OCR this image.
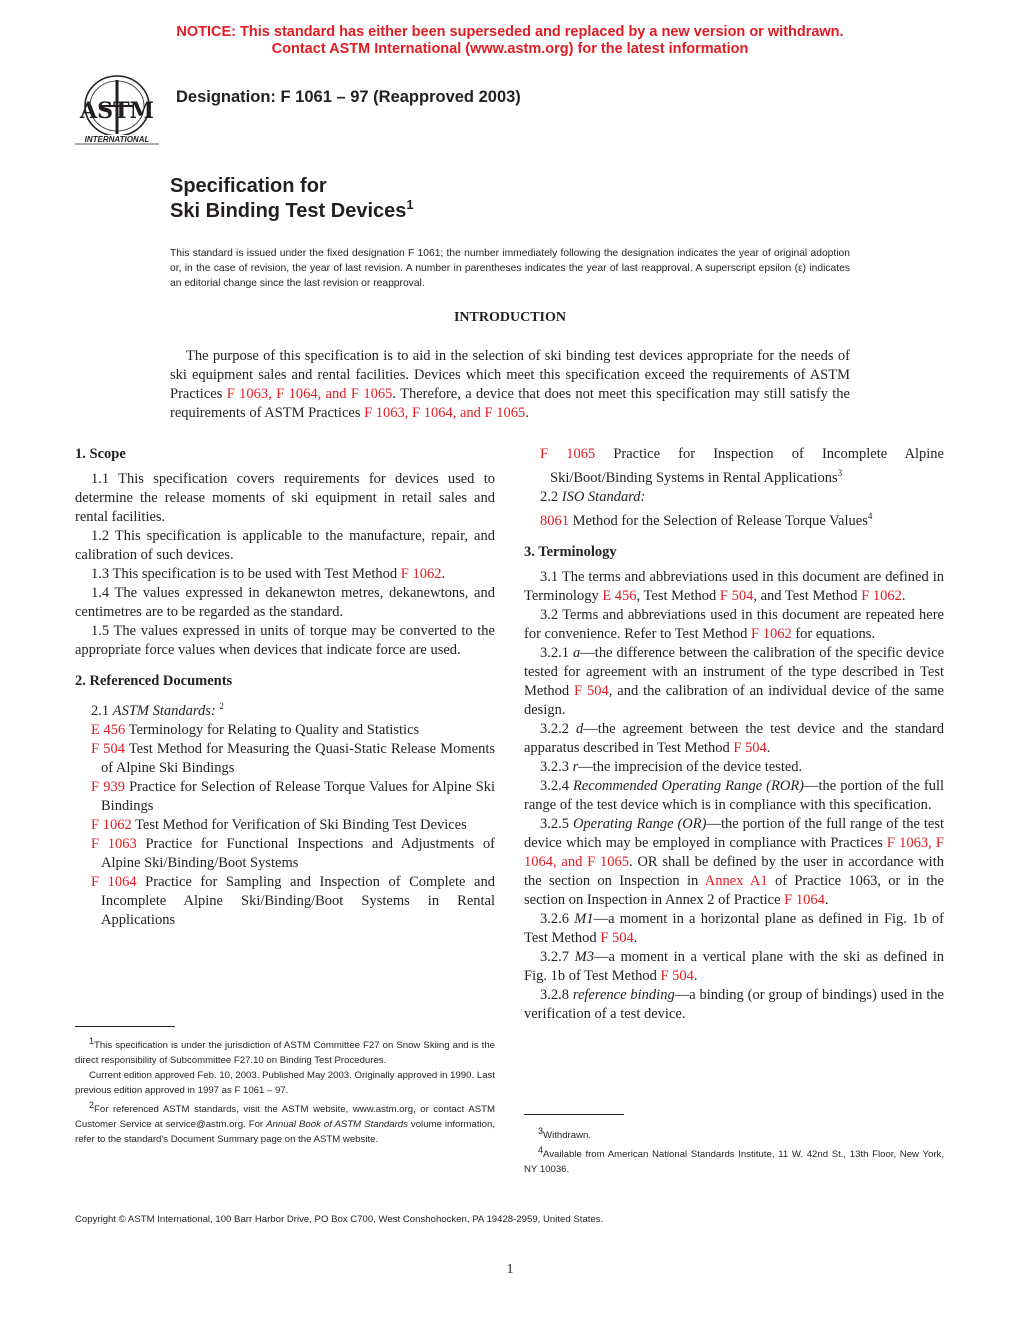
NOTICE: This standard has either been superseded and replaced by a new version or withdrawn.
Contact ASTM International (www.astm.org) for the latest information
ASTM
INTERNATIONAL
Designation: F 1061 – 97 (Reapproved 2003)
Specification for
Ski Binding Test Devices$^1$
This standard is issued under the fixed designation F 1061; the number immediately following the designation indicates the year of original adoption or, in the case of revision, the year of last revision. A number in parentheses indicates the year of last reapproval. A superscript epsilon (ε) indicates an editorial change since the last revision or reapproval.
INTRODUCTION
The purpose of this specification is to aid in the selection of ski binding test devices appropriate for the needs of ski equipment sales and rental facilities. Devices which meet this specification exceed the requirements of ASTM Practices F 1063, F 1064, and F 1065. Therefore, a device that does not meet this specification may still satisfy the requirements of ASTM Practices F 1063, F 1064, and F 1065.

1. Scope

1.1 This specification covers requirements for devices used to determine the release moments of ski equipment in retail sales and rental facilities.

1.2 This specification is applicable to the manufacture, repair, and calibration of such devices.

1.3 This specification is to be used with Test Method F 1062.

1.4 The values expressed in dekanewton metres, dekanewtons, and centimetres are to be regarded as the standard.

1.5 The values expressed in units of torque may be converted to the appropriate force values when devices that indicate force are used.

2. Referenced Documents

2.1 ASTM Standards: $^2$

E 456 Terminology for Relating to Quality and Statistics

F 504 Test Method for Measuring the Quasi-Static Release Moments of Alpine Ski Bindings

F 939 Practice for Selection of Release Torque Values for Alpine Ski Bindings

F 1062 Test Method for Verification of Ski Binding Test Devices

F 1063 Practice for Functional Inspections and Adjustments of Alpine Ski/Binding/Boot Systems

F 1064 Practice for Sampling and Inspection of Complete and Incomplete Alpine Ski/Binding/Boot Systems in Rental Applications

F 1065 Practice for Inspection of Incomplete Alpine Ski/Boot/Binding Systems in Rental Applications$^3$

2.2 ISO Standard:

8061 Method for the Selection of Release Torque Values$^4$

3. Terminology

3.1 The terms and abbreviations used in this document are defined in Terminology E 456, Test Method F 504, and Test Method F 1062.

3.2 Terms and abbreviations used in this document are repeated here for convenience. Refer to Test Method F 1062 for equations.

3.2.1 a—the difference between the calibration of the specific device tested for agreement with an instrument of the type described in Test Method F 504, and the calibration of an individual device of the same design.

3.2.2 d—the agreement between the test device and the standard apparatus described in Test Method F 504.

3.2.3 r—the imprecision of the device tested.

3.2.4 Recommended Operating Range (ROR)—the portion of the full range of the test device which is in compliance with this specification.

3.2.5 Operating Range (OR)—the portion of the full range of the test device which may be employed in compliance with Practices F 1063, F 1064, and F 1065. OR shall be defined by the user in accordance with the section on Inspection in Annex A1 of Practice 1063, or in the section on Inspection in Annex 2 of Practice F 1064.

3.2.6 M1—a moment in a horizontal plane as defined in Fig. 1b of Test Method F 504.

3.2.7 M3—a moment in a vertical plane with the ski as defined in Fig. 1b of Test Method F 504.

3.2.8 reference binding—a binding (or group of bindings) used in the verification of a test device.

$^1$This specification is under the jurisdiction of ASTM Committee F27 on Snow Skiing and is the direct responsibility of Subcommittee F27.10 on Binding Test Procedures.

Current edition approved Feb. 10, 2003. Published May 2003. Originally approved in 1990. Last previous edition approved in 1997 as F 1061 – 97.

$^2$For referenced ASTM standards, visit the ASTM website, www.astm.org, or contact ASTM Customer Service at service@astm.org. For Annual Book of ASTM Standards volume information, refer to the standard's Document Summary page on the ASTM website.

$^3$Withdrawn.

$^4$Available from American National Standards Institute, 11 W. 42nd St., 13th Floor, New York, NY 10036.

Copyright © ASTM International, 100 Barr Harbor Drive, PO Box C700, West Conshohocken, PA 19428-2959, United States.
1
